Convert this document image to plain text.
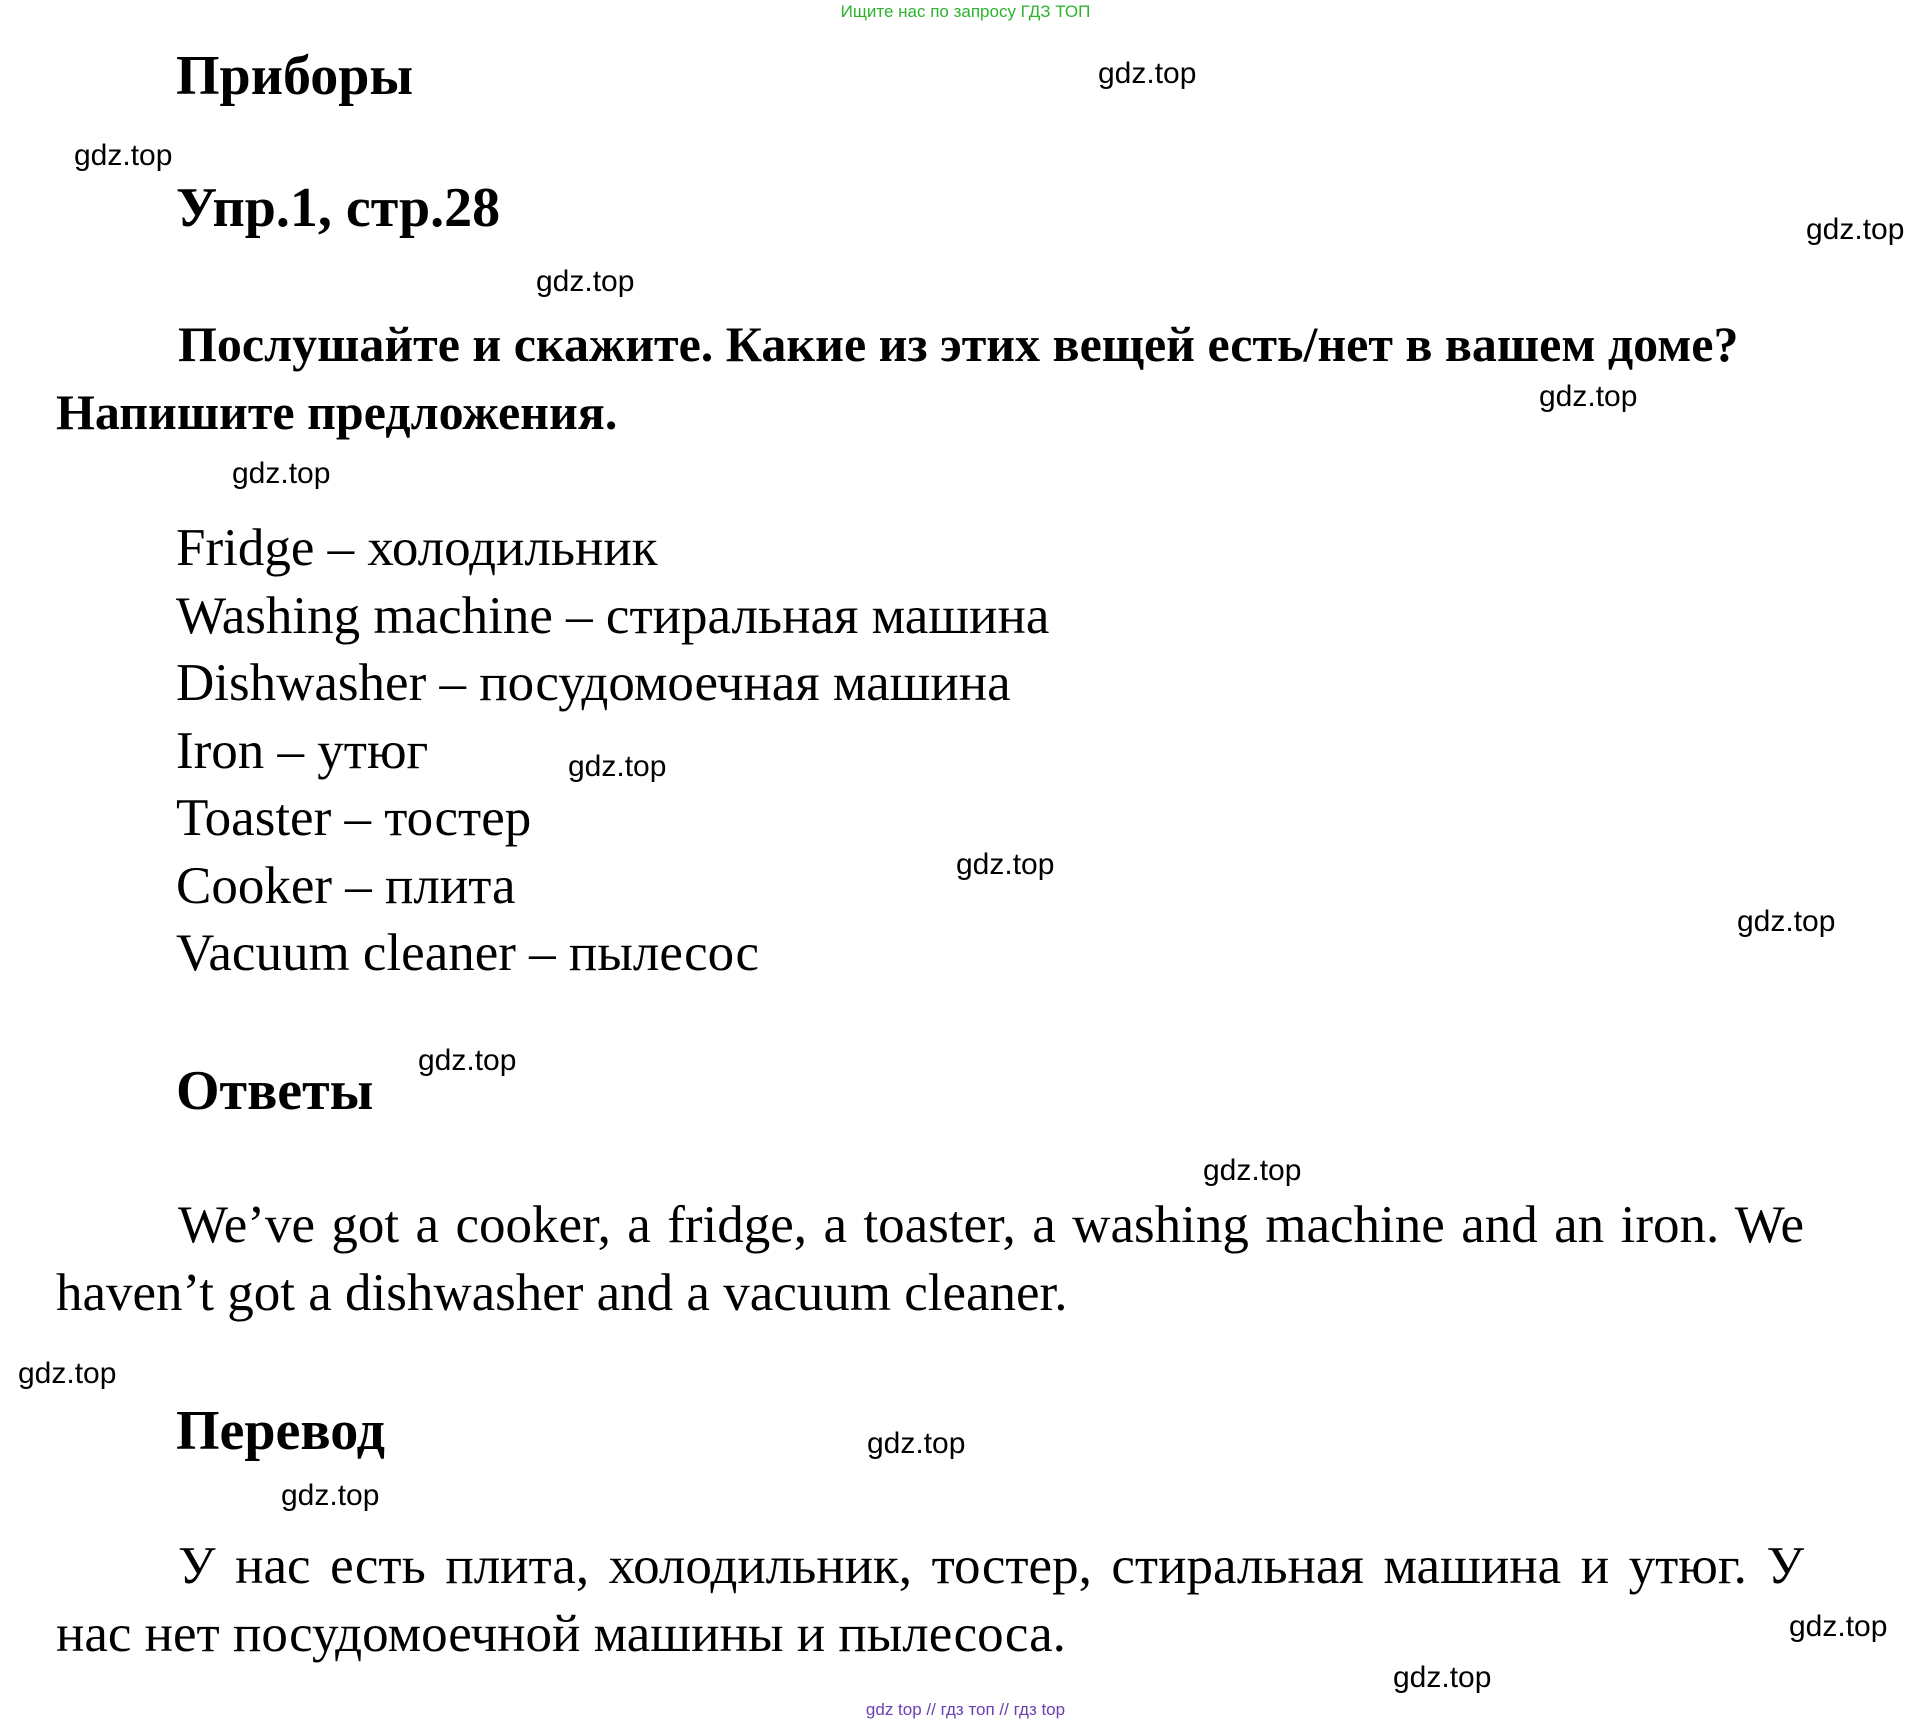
Ищите нас по запросу ГДЗ ТОП
Приборы
Упр.1, стр.28
Послушайте и скажите. Какие из этих вещей есть/нет в вашем доме? Напишите предложения.
Fridge – холодильник
Washing machine – стиральная машина
Dishwasher – посудомоечная машина
Iron – утюг
Toaster – тостер
Cooker – плита
Vacuum cleaner – пылесос
Ответы
We’ve got a cooker, a fridge, a toaster, a washing machine and an iron. We haven’t got a dishwasher and a vacuum cleaner.
Перевод
У нас есть плита, холодильник, тостер, стиральная машина и утюг. У нас нет посудомоечной машины и пылесоса.
gdz.top
gdz.top
gdz.top
gdz.top
gdz.top
gdz.top
gdz.top
gdz.top
gdz.top
gdz.top
gdz.top
gdz.top
gdz.top
gdz.top
gdz.top
gdz.top
gdz top // гдз топ // гдз top
